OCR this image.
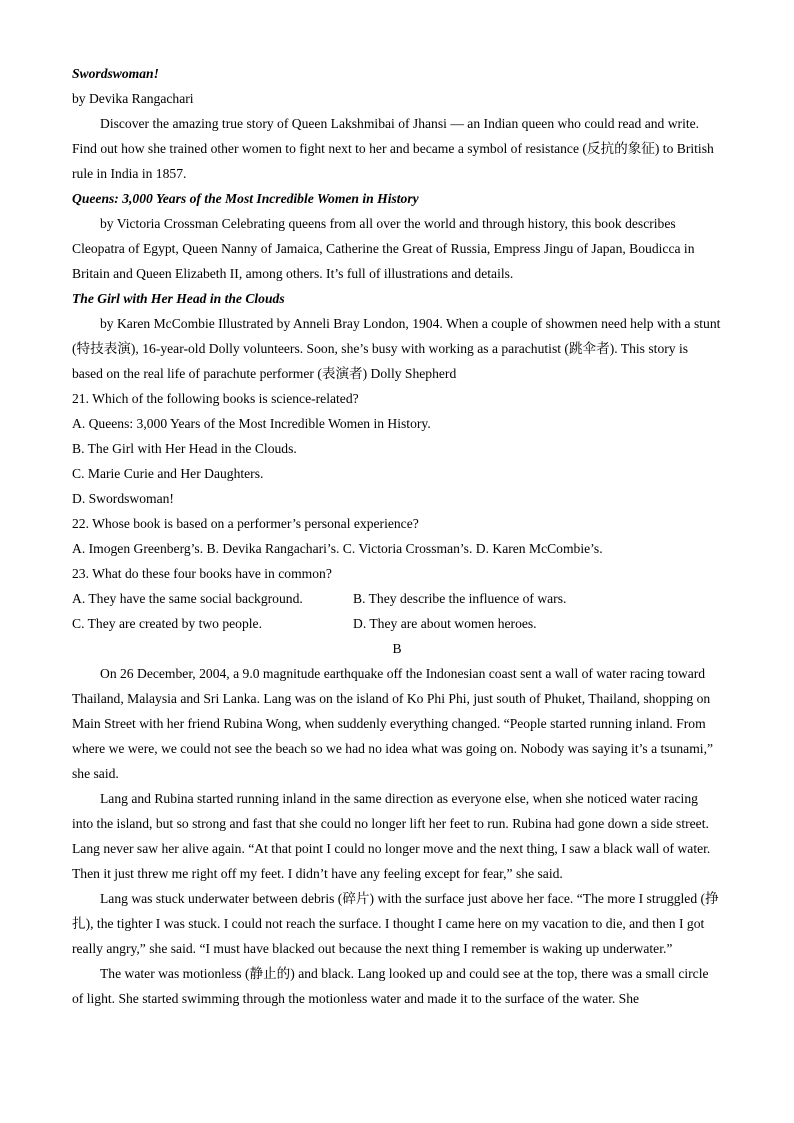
Swordswoman!

by Devika Rangachari

Discover the amazing true story of Queen Lakshmibai of Jhansi — an Indian queen who could read and write. Find out how she trained other women to fight next to her and became a symbol of resistance (反抗的象征) to British rule in India in 1857.

Queens: 3,000 Years of the Most Incredible Women in History

by Victoria Crossman Celebrating queens from all over the world and through history, this book describes Cleopatra of Egypt, Queen Nanny of Jamaica, Catherine the Great of Russia, Empress Jingu of Japan, Boudicca in Britain and Queen Elizabeth II, among others. It’s full of illustrations and details.

The Girl with Her Head in the Clouds

by Karen McCombie Illustrated by Anneli Bray London, 1904. When a couple of showmen need help with a stunt (特技表演), 16-year-old Dolly volunteers. Soon, she’s busy with working as a parachutist (跳伞者). This story is based on the real life of parachute performer (表演者) Dolly Shepherd

21. Which of the following books is science-related?

A. Queens: 3,000 Years of the Most Incredible Women in History.

B. The Girl with Her Head in the Clouds.

C. Marie Curie and Her Daughters.

D. Swordswoman!

22. Whose book is based on a performer’s personal experience?

A. Imogen Greenberg’s. B. Devika Rangachari’s. C. Victoria Crossman’s. D. Karen McCombie’s.

23. What do these four books have in common?

A. They have the same social background.	B. They describe the influence of wars.
C. They are created by two people.	D. They are about women heroes.

B

On 26 December, 2004, a 9.0 magnitude earthquake off the Indonesian coast sent a wall of water racing toward Thailand, Malaysia and Sri Lanka. Lang was on the island of Ko Phi Phi, just south of Phuket, Thailand, shopping on Main Street with her friend Rubina Wong, when suddenly everything changed. “People started running inland. From where we were, we could not see the beach so we had no idea what was going on. Nobody was saying it’s a tsunami,” she said.

Lang and Rubina started running inland in the same direction as everyone else, when she noticed water racing into the island, but so strong and fast that she could no longer lift her feet to run. Rubina had gone down a side street. Lang never saw her alive again. “At that point I could no longer move and the next thing, I saw a black wall of water. Then it just threw me right off my feet. I didn’t have any feeling except for fear,” she said.

Lang was stuck underwater between debris (碎片) with the surface just above her face. “The more I struggled (挣扎), the tighter I was stuck. I could not reach the surface. I thought I came here on my vacation to die, and then I got really angry,” she said. “I must have blacked out because the next thing I remember is waking up underwater.”

The water was motionless (静止的) and black. Lang looked up and could see at the top, there was a small circle of light. She started swimming through the motionless water and made it to the surface of the water. She
